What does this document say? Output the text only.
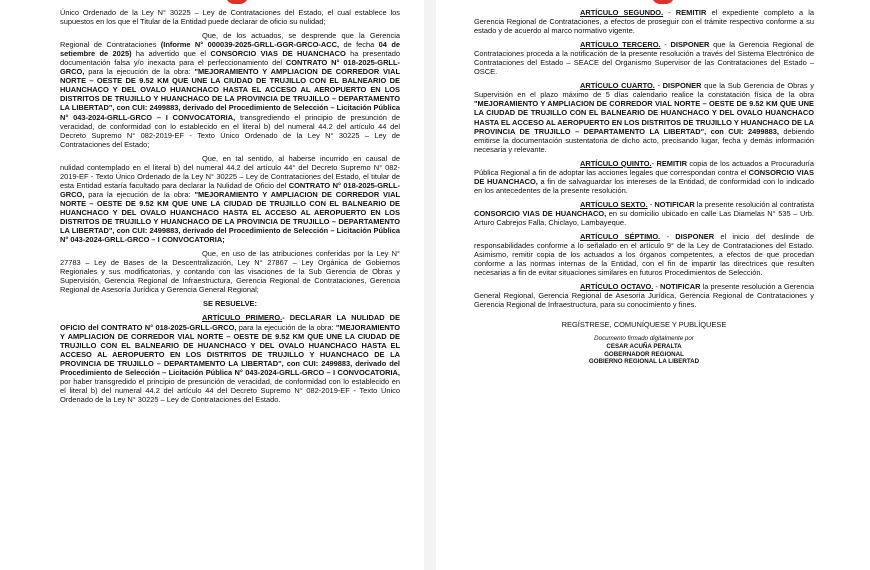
Único Ordenado de la Ley N° 30225 – Ley de Contrataciones del Estado, el cual establece los supuestos en los que el Titular de la Entidad puede declarar de oficio su nulidad;

Que, de los actuados, se desprende que la Gerencia Regional de Contrataciones (Informe N° 000039-2025-GRLL-GGR-GRCO-ACC, de fecha 04 de setiembre de 2025) ha advertido que el CONSORCIO VIAS DE HUANCHACO ha presentado documentación falsa y/o inexacta para el perfeccionamiento del CONTRATO N° 018-2025-GRLL-GRCO, para la ejecución de la obra: "MEJORAMIENTO Y AMPLIACION DE CORREDOR VIAL NORTE – OESTE DE 9.52 KM QUE UNE LA CIUDAD DE TRUJILLO CON EL BALNEARIO DE HUANCHACO Y DEL OVALO HUANCHACO HASTA EL ACCESO AL AEROPUERTO EN LOS DISTRITOS DE TRUJILLO Y HUANCHACO DE LA PROVINCIA DE TRUJILLO – DEPARTAMENTO LA LIBERTAD", con CUI: 2499883, derivado del Procedimiento de Selección – Licitación Pública N° 043-2024-GRLL-GRCO – I CONVOCATORIA, transgrediendo el principio de presunción de veracidad, de conformidad con lo establecido en el literal b) del numeral 44.2 del artículo 44 del Decreto Supremo N° 082-2019-EF - Texto Único Ordenado de la Ley N° 30225 – Ley de Contrataciones del Estado;

Que, en tal sentido, al haberse incurrido en causal de nulidad contemplado en el literal b) del numeral 44.2 del artículo 44° del Decreto Supremo N° 082-2019-EF - Texto Único Ordenado de la Ley N° 30225 – Ley de Contrataciones del Estado, el titular de esta Entidad estaría facultado para declarar la Nulidad de Oficio del CONTRATO N° 018-2025-GRLL-GRCO, para la ejecución de la obra: "MEJORAMIENTO Y AMPLIACION DE CORREDOR VIAL NORTE – OESTE DE 9.52 KM QUE UNE LA CIUDAD DE TRUJILLO CON EL BALNEARIO DE HUANCHACO Y DEL OVALO HUANCHACO HASTA EL ACCESO AL AEROPUERTO EN LOS DISTRITOS DE TRUJILLO Y HUANCHACO DE LA PROVINCIA DE TRUJILLO – DEPARTAMENTO LA LIBERTAD", con CUI: 2499883, derivado del Procedimiento de Selección – Licitación Pública N° 043-2024-GRLL-GRCO – I CONVOCATORIA;

Que, en uso de las atribuciones conferidas por la Ley N° 27783 – Ley de Bases de la Descentralización, Ley N° 27867 – Ley Orgánica de Gobiernos Regionales y sus modificatorias, y contando con las visaciones de la Sub Gerencia de Obras y Supervisión, Gerencia Regional de Infraestructura, Gerencia Regional de Contrataciones, Gerencia Regional de Asesoría Jurídica y Gerencia General Regional;

SE RESUELVE:

ARTÍCULO PRIMERO.- DECLARAR LA NULIDAD DE OFICIO del CONTRATO N° 018-2025-GRLL-GRCO, para la ejecución de la obra: "MEJORAMIENTO Y AMPLIACION DE CORREDOR VIAL NORTE – OESTE DE 9.52 KM QUE UNE LA CIUDAD DE TRUJILLO CON EL BALNEARIO DE HUANCHACO Y DEL OVALO HUANCHACO HASTA EL ACCESO AL AEROPUERTO EN LOS DISTRITOS DE TRUJILLO Y HUANCHACO DE LA PROVINCIA DE TRUJILLO – DEPARTAMENTO LA LIBERTAD", con CUI: 2499883, derivado del Procedimiento de Selección – Licitación Pública N° 043-2024-GRLL-GRCO – I CONVOCATORIA, por haber transgredido el principio de presunción de veracidad, de conformidad con lo establecido en el literal b) del numeral 44.2 del artículo 44 del Decreto Supremo N° 082-2019-EF - Texto Único Ordenado de la Ley N° 30225 – Ley de Contrataciones del Estado.

ARTÍCULO SEGUNDO. - REMITIR el expediente completo a la Gerencia Regional de Contrataciones, a efectos de proseguir con el trámite respectivo conforme a su estado y de acuerdo al marco normativo vigente.

ARTÍCULO TERCERO. - DISPONER que la Gerencia Regional de Contrataciones proceda a la notificación de la presente resolución a través del Sistema Electrónico de Contrataciones del Estado – SEACE del Organismo Supervisor de las Contrataciones del Estado – OSCE.

ARTÍCULO CUARTO. - DISPONER que la Sub Gerencia de Obras y Supervisión en el plazo máximo de 5 días calendario realice la constatación física de la obra "MEJORAMIENTO Y AMPLIACION DE CORREDOR VIAL NORTE – OESTE DE 9.52 KM QUE UNE LA CIUDAD DE TRUJILLO CON EL BALNEARIO DE HUANCHACO Y DEL OVALO HUANCHACO HASTA EL ACCESO AL AEROPUERTO EN LOS DISTRITOS DE TRUJILLO Y HUANCHACO DE LA PROVINCIA DE TRUJILLO – DEPARTAMENTO LA LIBERTAD", con CUI: 2499883, debiendo emitirse la documentación sustentatoria de dicho acto, precisando lugar, fecha y demás información necesaria y relevante.

ARTÍCULO QUINTO.- REMITIR copia de los actuados a Procuraduría Pública Regional a fin de adoptar las acciones legales que correspondan contra el CONSORCIO VIAS DE HUANCHACO, a fin de salvaguardar los intereses de la Entidad, de conformidad con lo indicado en los antecedentes de la presente resolución.

ARTÍCULO SEXTO. - NOTIFICAR la presente resolución al contratista CONSORCIO VIAS DE HUANCHACO, en su domicilio ubicado en calle Las Diamelas N° 535 – Urb. Arturo Cabrejos Falla, Chiclayo, Lambayeque.

ARTÍCULO SÉPTIMO. - DISPONER el inicio del deslinde de responsabilidades conforme a lo señalado en el artículo 9° de la Ley de Contrataciones del Estado. Asimismo, remitir copia de los actuados a los órganos competentes, a efectos de que procedan conforme a las normas internas de la Entidad, con el fin de impartir las directrices que resulten necesarias a fin de evitar situaciones similares en futuros Procedimientos de Selección.

ARTÍCULO OCTAVO. - NOTIFICAR la presente resolución a Gerencia General Regional, Gerencia Regional de Asesoría Jurídica, Gerencia Regional de Contrataciones y Gerencia Regional de Infraestructura, para su conocimiento y fines.

REGÍSTRESE, COMUNÍQUESE Y PUBLÍQUESE

Documento firmado digitalmente por
CESAR ACUÑA PERALTA
GOBERNADOR REGIONAL
GOBIERNO REGIONAL LA LIBERTAD
